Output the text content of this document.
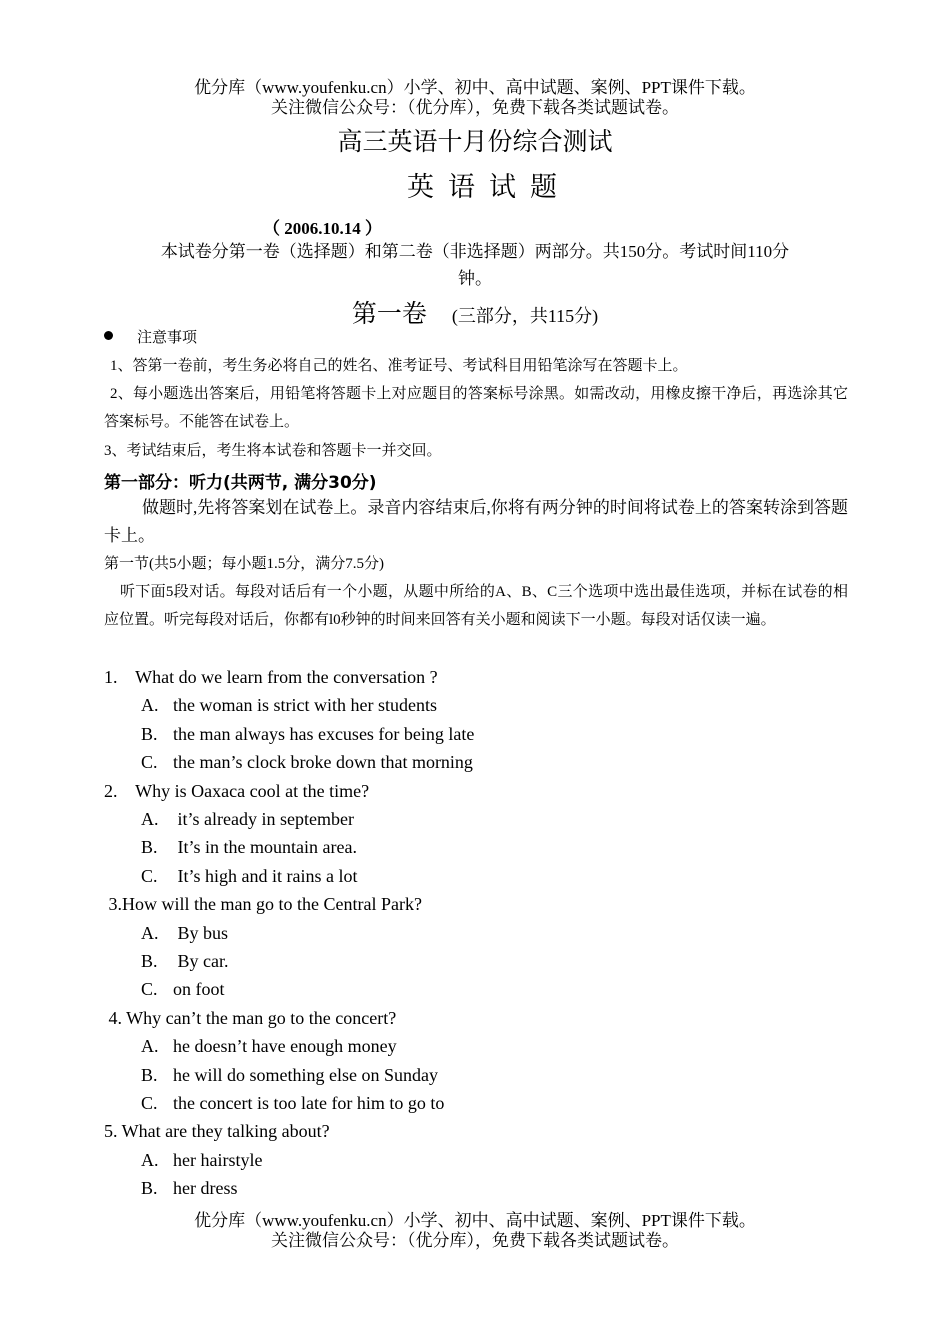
优分库（www.youfenku.cn）小学、初中、高中试题、案例、PPT课件下载。
关注微信公众号：（优分库），免费下载各类试题试卷。
高三英语十月份综合测试
英语试题
（ 2006.10.14 ）
本试卷分第一卷（选择题）和第二卷（非选择题）两部分。共150分。考试时间110分
钟。
第一卷 (三部分，共115分)
注意事项
1、答第一卷前，考生务必将自己的姓名、准考证号、考试科目用铅笔涂写在答题卡上。
2、每小题选出答案后，用铅笔将答题卡上对应题目的答案标号涂黑。如需改动，用橡皮擦干净后，再选涂其它答案标号。不能答在试卷上。
3、考试结束后，考生将本试卷和答题卡一并交回。
第一部分：听力(共两节, 满分30分)
做题时,先将答案划在试卷上。录音内容结束后,你将有两分钟的时间将试卷上的答案转涂到答题卡上。
第一节(共5小题；每小题1.5分，满分7.5分)
听下面5段对话。每段对话后有一个小题，从题中所给的A、B、C三个选项中选出最佳选项，并标在试卷的相应位置。听完每段对话后，你都有l0秒钟的时间来回答有关小题和阅读下一小题。每段对话仅读一遍。
1.    What do we learn from the conversation ?
A. the woman is strict with her students
B. the man always has excuses for being late
C. the man’s clock broke down that morning
2.    Why is Oaxaca cool at the time?
A. it’s already in september
B. It’s in the mountain area.
C. It’s high and it rains a lot
3.How will the man go to the Central Park?
A. By bus
B. By car.
C. on foot
4. Why can’t the man go to the concert?
A. he doesn’t have enough money
B. he will do something else on Sunday
C. the concert is too late for him to go to
5. What are they talking about?
A. her hairstyle
B. her dress
优分库（www.youfenku.cn）小学、初中、高中试题、案例、PPT课件下载。
关注微信公众号：（优分库），免费下载各类试题试卷。
